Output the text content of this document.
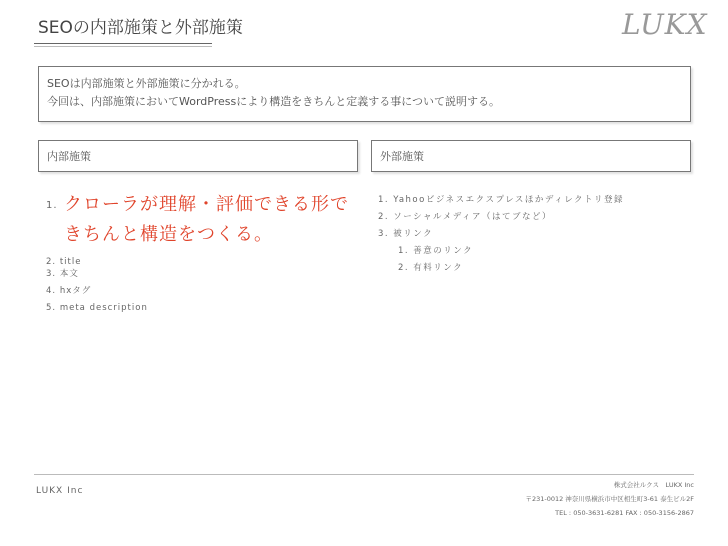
SEOの内部施策と外部施策	LUKX

SEOは内部施策と外部施策に分かれる。

今回は、内部施策においてWordPressにより構造をきちんと定義する事について説明する。

内部施策	外部施策
1. クローラが理解・評価できる形できちんと構造をつくる。
2. title
3. 本文
4. hxタグ
5. meta description
1. Yahooビジネスエクスプレスほかディレクトリ登録
2. ソーシャルメディア（はてブなど）
3. 被リンク
1. 善意のリンク
2. 有料リンク
LUKX Inc
株式会社ルクス　LUKX Inc
〒231-0012 神奈川県横浜市中区相生町3-61 泰生ビル2F
TEL : 050-3631-6281 FAX : 050-3156-2867
